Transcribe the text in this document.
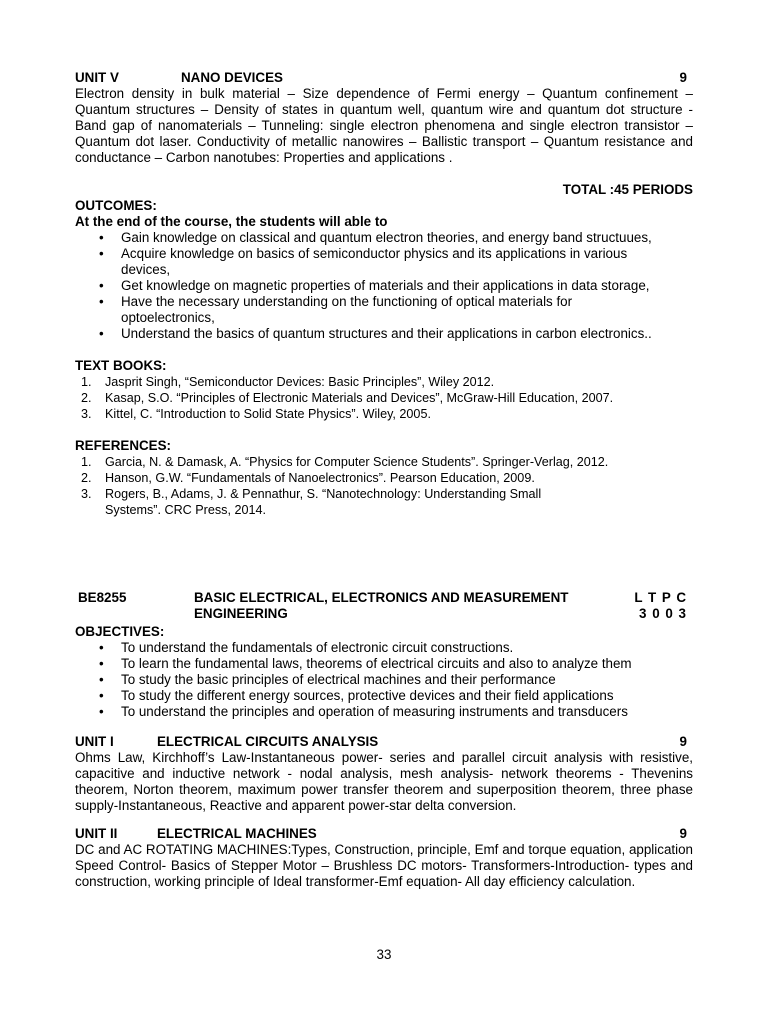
UNIT V	NANO DEVICES	9
Electron density in bulk material – Size dependence of Fermi energy – Quantum confinement – Quantum structures – Density of states in quantum well, quantum wire and quantum dot structure - Band gap of nanomaterials – Tunneling: single electron phenomena and single electron transistor – Quantum dot laser. Conductivity of metallic nanowires – Ballistic transport – Quantum resistance and conductance – Carbon nanotubes: Properties and applications .
TOTAL :45 PERIODS
OUTCOMES:
At the end of the course, the students will able to
• Gain knowledge on classical and quantum electron theories, and energy band structuues,
• Acquire knowledge on basics of semiconductor physics and its applications in various devices,
• Get knowledge on magnetic properties of materials and their applications in data storage,
• Have the necessary understanding on the functioning of optical materials for optoelectronics,
• Understand the basics of quantum structures and their applications in carbon electronics..
TEXT BOOKS:
1. Jasprit Singh, “Semiconductor Devices: Basic Principles”, Wiley 2012.
2. Kasap, S.O. “Principles of Electronic Materials and Devices”, McGraw-Hill Education, 2007.
3. Kittel, C. “Introduction to Solid State Physics”. Wiley, 2005.
REFERENCES:
1. Garcia, N. & Damask, A. “Physics for Computer Science Students”. Springer-Verlag, 2012.
2. Hanson, G.W. “Fundamentals of Nanoelectronics”. Pearson Education, 2009.
3. Rogers, B., Adams, J. & Pennathur, S. “Nanotechnology: Understanding Small Systems”. CRC Press, 2014.
BE8255	BASIC ELECTRICAL, ELECTRONICS AND MEASUREMENT	L T P C
ENGINEERING	3 0 0 3
OBJECTIVES:
• To understand the fundamentals of electronic circuit constructions.
• To learn the fundamental laws, theorems of electrical circuits and also to analyze them
• To study the basic principles of electrical machines and their performance
• To study the different energy sources, protective devices and their field applications
• To understand the principles and operation of measuring instruments and transducers
UNIT I	ELECTRICAL CIRCUITS ANALYSIS	9
Ohms Law, Kirchhoff’s Law-Instantaneous power- series and parallel circuit analysis with resistive, capacitive and inductive network - nodal analysis, mesh analysis- network theorems - Thevenins theorem, Norton theorem, maximum power transfer theorem and superposition theorem, three phase supply-Instantaneous, Reactive and apparent power-star delta conversion.
UNIT II	ELECTRICAL MACHINES	9
DC and AC ROTATING MACHINES:Types, Construction, principle, Emf and torque equation, application Speed Control- Basics of Stepper Motor – Brushless DC motors- Transformers-Introduction- types and construction, working principle of Ideal transformer-Emf equation- All day efficiency calculation.
33
